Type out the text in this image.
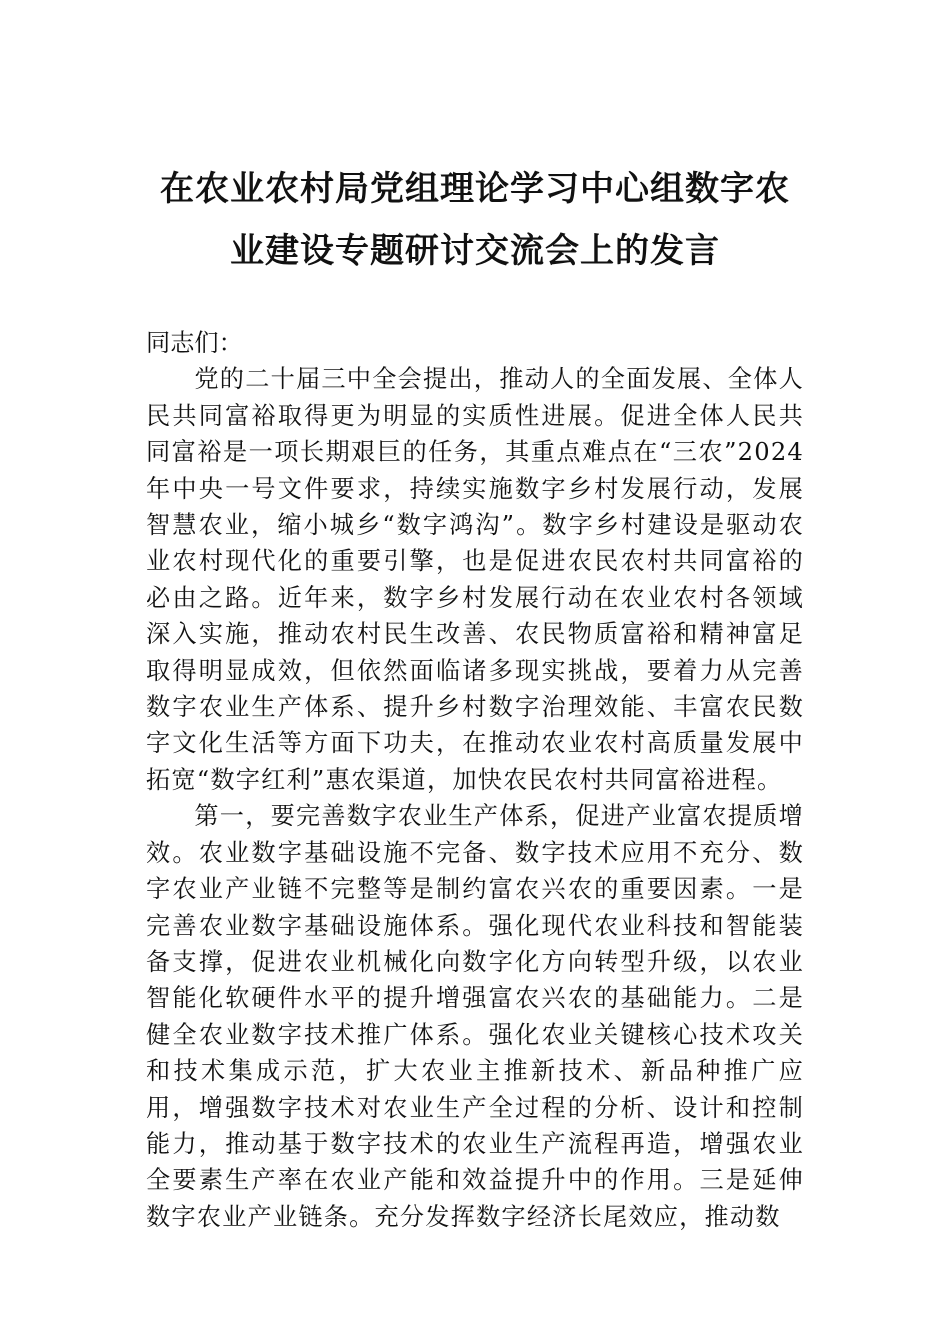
在农业农村局党组理论学习中心组数字农
业建设专题研讨交流会上的发言

同志们：

党的二十届三中全会提出，推动人的全面发展、全体人民共同富裕取得更为明显的实质性进展。促进全体人民共同富裕是一项长期艰巨的任务，其重点难点在“三农”2024年中央一号文件要求，持续实施数字乡村发展行动，发展智慧农业，缩小城乡“数字鸿沟”。数字乡村建设是驱动农业农村现代化的重要引擎，也是促进农民农村共同富裕的必由之路。近年来，数字乡村发展行动在农业农村各领域深入实施，推动农村民生改善、农民物质富裕和精神富足取得明显成效，但依然面临诸多现实挑战，要着力从完善数字农业生产体系、提升乡村数字治理效能、丰富农民数字文化生活等方面下功夫，在推动农业农村高质量发展中拓宽“数字红利”惠农渠道，加快农民农村共同富裕进程。

第一，要完善数字农业生产体系，促进产业富农提质增效。农业数字基础设施不完备、数字技术应用不充分、数字农业产业链不完整等是制约富农兴农的重要因素。一是完善农业数字基础设施体系。强化现代农业科技和智能装备支撑，促进农业机械化向数字化方向转型升级，以农业智能化软硬件水平的提升增强富农兴农的基础能力。二是健全农业数字技术推广体系。强化农业关键核心技术攻关和技术集成示范，扩大农业主推新技术、新品种推广应用，增强数字技术对农业生产全过程的分析、设计和控制能力，推动基于数字技术的农业生产流程再造，增强农业全要素生产率在农业产能和效益提升中的作用。三是延伸数字农业产业链条。充分发挥数字经济长尾效应，推动数
